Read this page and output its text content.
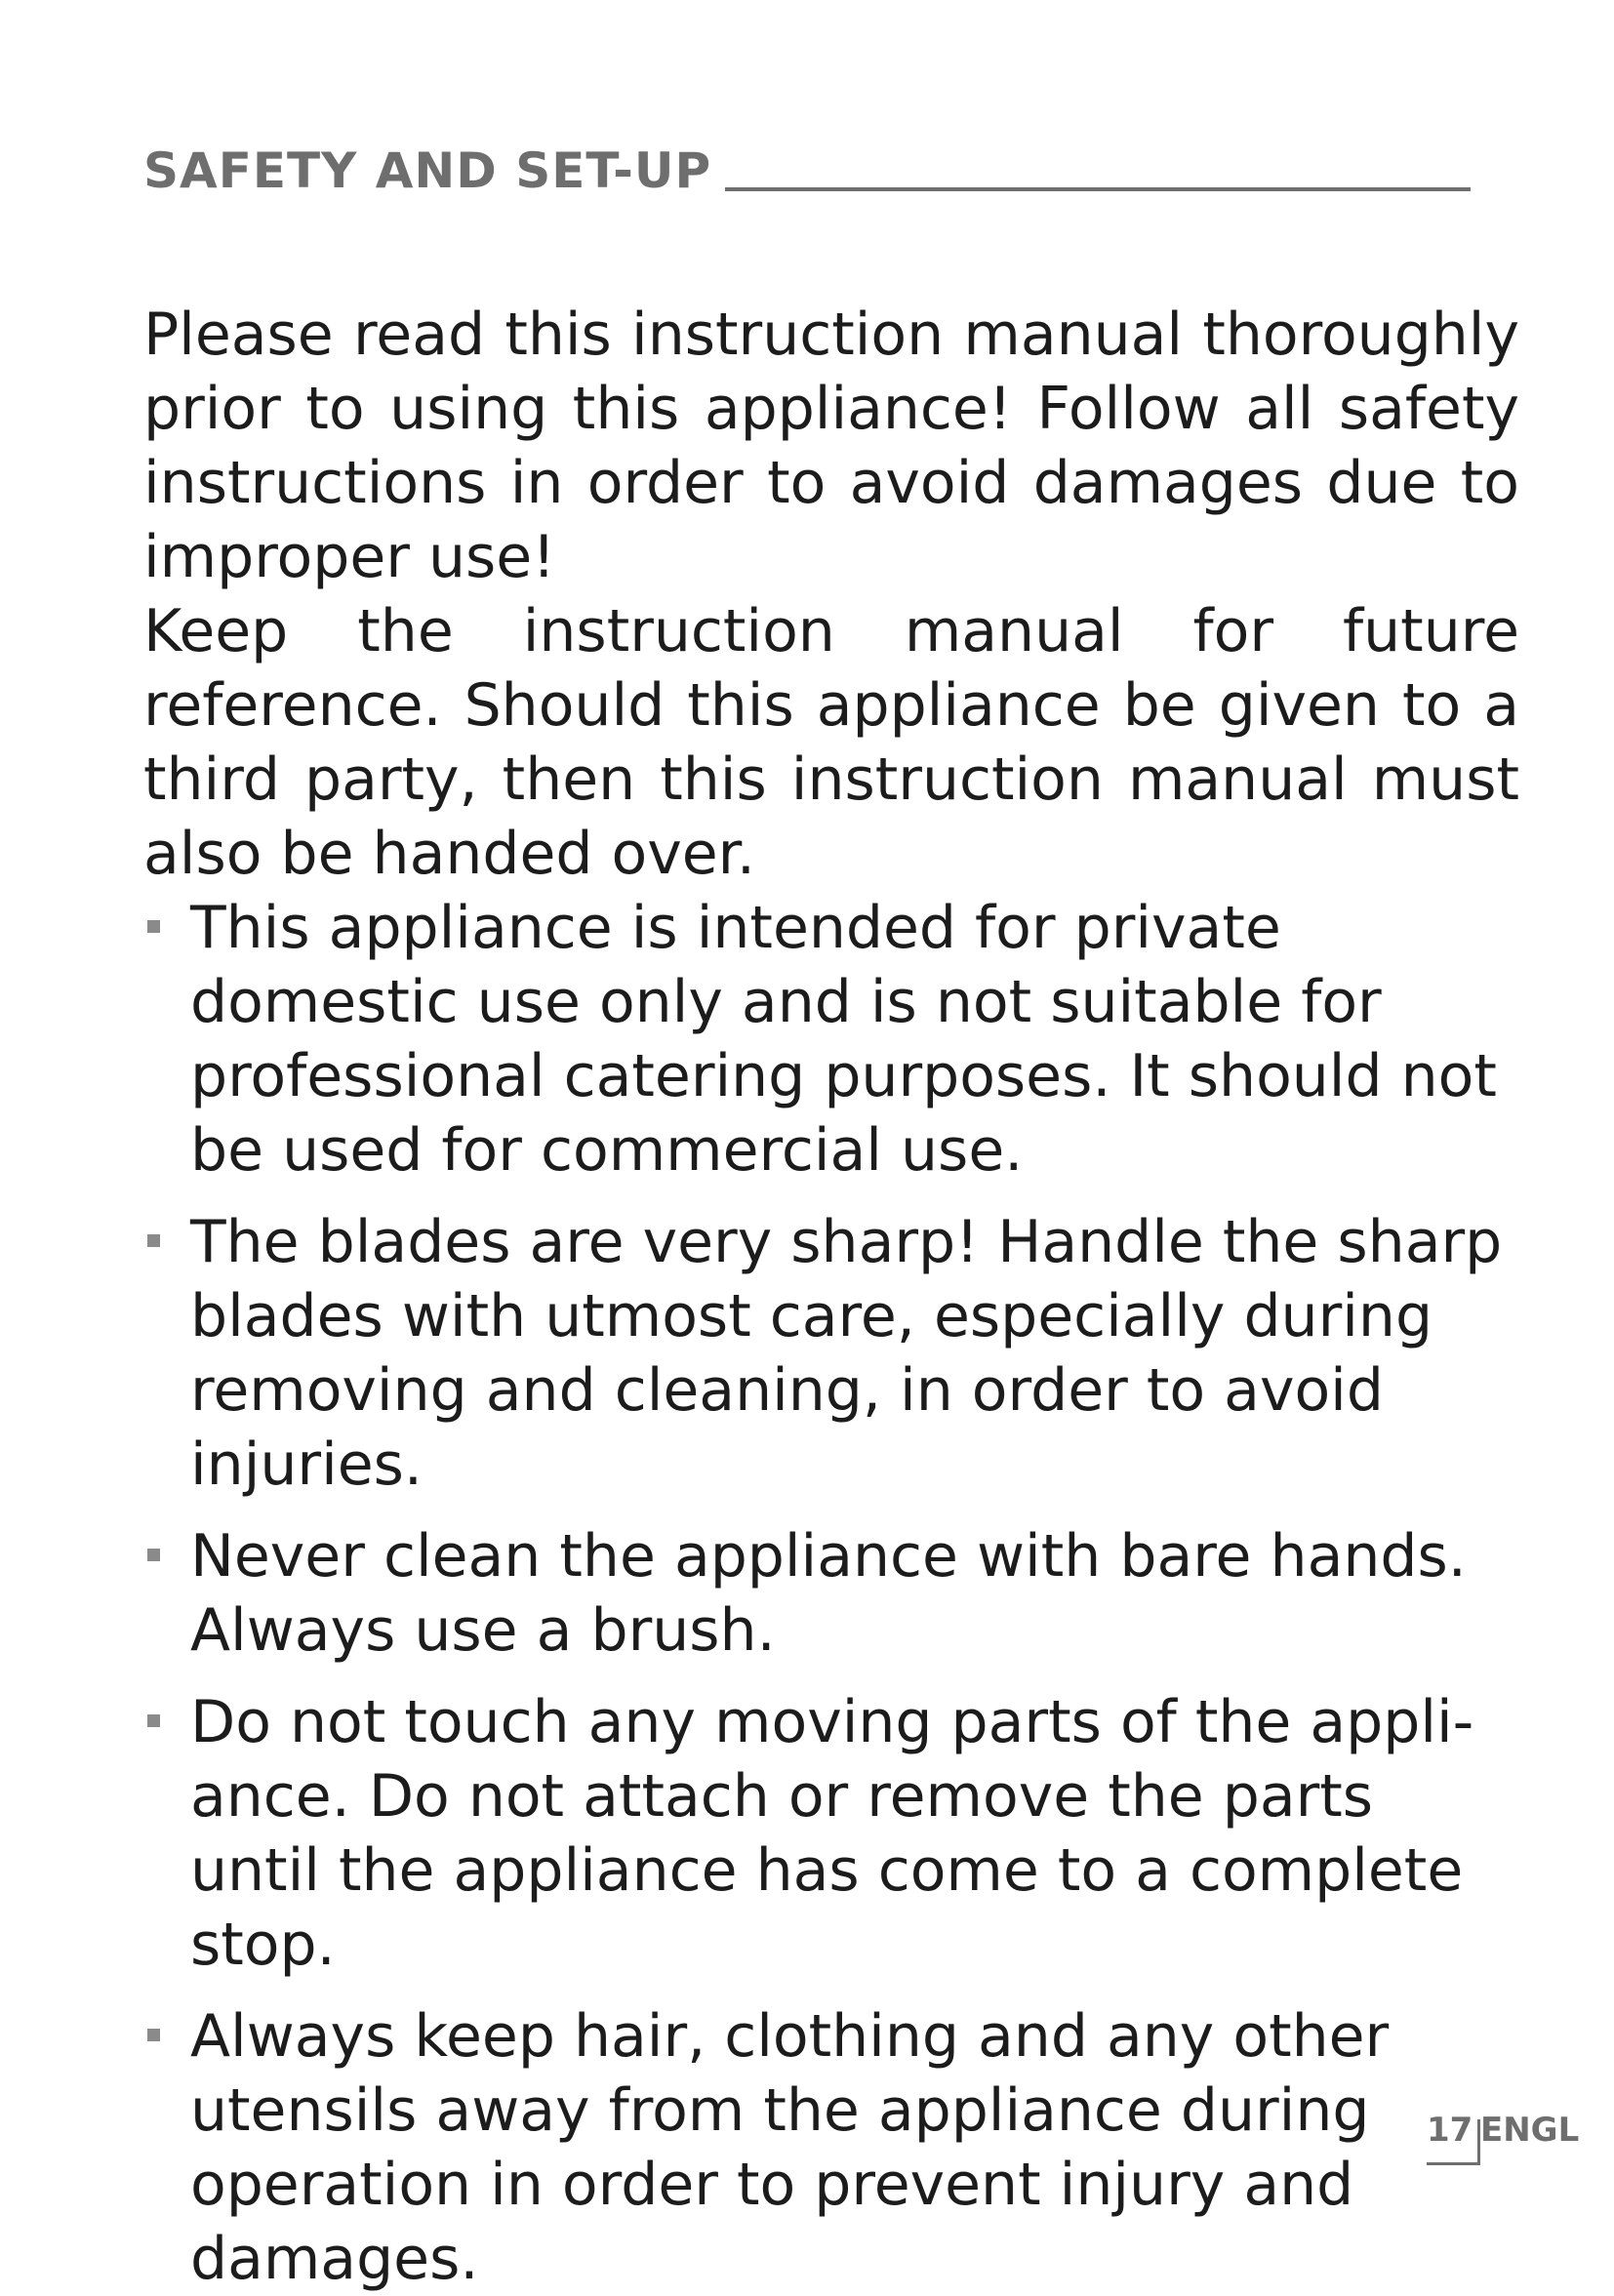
SAFETY AND SET-UP

Please read this instruction manual thoroughly prior to using this appliance! Follow all safety instructions in order to avoid damages due to improper use!

Keep the instruction manual for future reference. Should this appliance be given to a third party, then this instruction manual must also be handed over.

This appliance is intended for private domestic use only and is not suitable for professional catering purposes. It should not be used for commercial use.
The blades are very sharp! Handle the sharp blades with utmost care, especially during removing and cleaning, in order to avoid injuries.
Never clean the appliance with bare hands. Always use a brush.
Do not touch any moving parts of the appliance. Do not attach or remove the parts until the appliance has come to a complete stop.
Always keep hair, clothing and any other utensils away from the appliance during operation in order to prevent injury and damages.
17 ENGL
